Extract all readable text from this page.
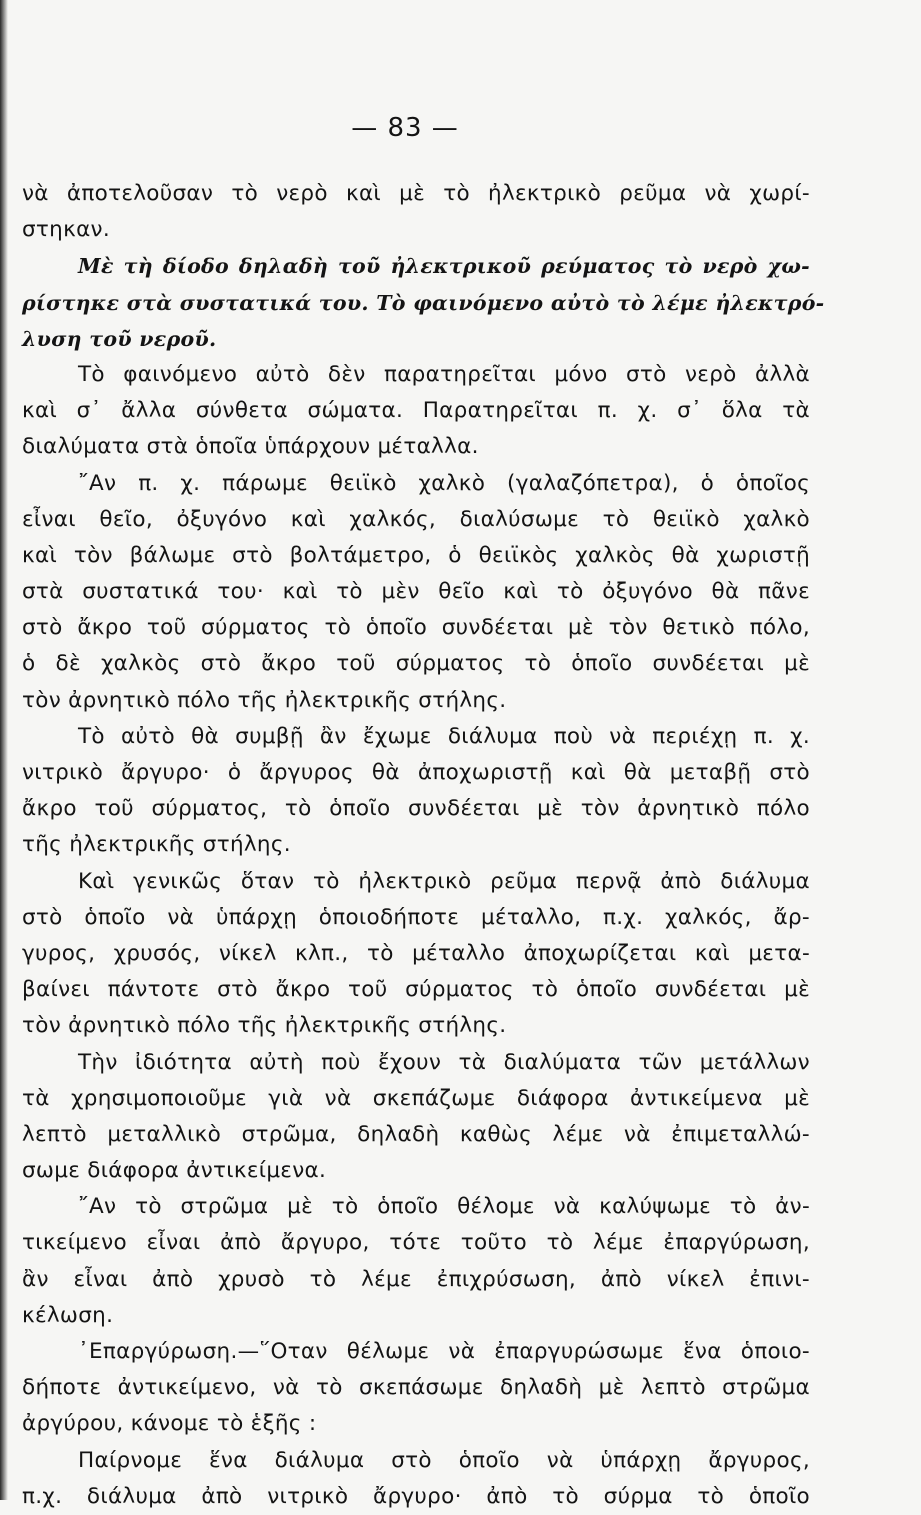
— 83 —
νὰ ἀποτελοῦσαν τὸ νερὸ καὶ μὲ τὸ ἠλεκτρικὸ ρεῦμα νὰ χωρί-
στηκαν.
Μὲ τὴ δίοδο δηλαδὴ τοῦ ἠλεκτρικοῦ ρεύματος τὸ νερὸ χω-
ρίστηκε στὰ συστατικά του. Τὸ φαινόμενο αὐτὸ τὸ λέμε ἠλεκτρό-
λυση τοῦ νεροῦ.
Τὸ φαινόμενο αὐτὸ δὲν παρατηρεῖται μόνο στὸ νερὸ ἀλλὰ
καὶ σ᾽ ἄλλα σύνθετα σώματα. Παρατηρεῖται π. χ. σ᾽ ὅλα τὰ
διαλύματα στὰ ὁποῖα ὑπάρχουν μέταλλα.
῎Αν π. χ. πάρωμε θειϊκὸ χαλκὸ (γαλαζόπετρα), ὁ ὁποῖος
εἶναι θεῖο, ὀξυγόνο καὶ χαλκός, διαλύσωμε τὸ θειϊκὸ χαλκὸ
καὶ τὸν βάλωμε στὸ βολτάμετρο, ὁ θειϊκὸς χαλκὸς θὰ χωριστῇ
στὰ συστατικά του· καὶ τὸ μὲν θεῖο καὶ τὸ ὀξυγόνο θὰ πᾶνε
στὸ ἄκρο τοῦ σύρματος τὸ ὁποῖο συνδέεται μὲ τὸν θετικὸ πόλο,
ὁ δὲ χαλκὸς στὸ ἄκρο τοῦ σύρματος τὸ ὁποῖο συνδέεται μὲ
τὸν ἀρνητικὸ πόλο τῆς ἠλεκτρικῆς στήλης.
Τὸ αὐτὸ θὰ συμβῇ ἂν ἔχωμε διάλυμα ποὺ νὰ περιέχῃ π. χ.
νιτρικὸ ἄργυρο· ὁ ἄργυρος θὰ ἀποχωριστῇ καὶ θὰ μεταβῇ στὸ
ἄκρο τοῦ σύρματος, τὸ ὁποῖο συνδέεται μὲ τὸν ἀρνητικὸ πόλο
τῆς ἠλεκτρικῆς στήλης.
Καὶ γενικῶς ὅταν τὸ ἠλεκτρικὸ ρεῦμα περνᾷ ἀπὸ διάλυμα
στὸ ὁποῖο νὰ ὑπάρχῃ ὁποιοδήποτε μέταλλο, π.χ. χαλκός, ἄρ-
γυρος, χρυσός, νίκελ κλπ., τὸ μέταλλο ἀποχωρίζεται καὶ μετα-
βαίνει πάντοτε στὸ ἄκρο τοῦ σύρματος τὸ ὁποῖο συνδέεται μὲ
τὸν ἀρνητικὸ πόλο τῆς ἠλεκτρικῆς στήλης.
Τὴν ἰδιότητα αὐτὴ ποὺ ἔχουν τὰ διαλύματα τῶν μετάλλων
τὰ χρησιμοποιοῦμε γιὰ νὰ σκεπάζωμε διάφορα ἀντικείμενα μὲ
λεπτὸ μεταλλικὸ στρῶμα, δηλαδὴ καθὼς λέμε νὰ ἐπιμεταλλώ-
σωμε διάφορα ἀντικείμενα.
῎Αν τὸ στρῶμα μὲ τὸ ὁποῖο θέλομε νὰ καλύψωμε τὸ ἀν-
τικείμενο εἶναι ἀπὸ ἄργυρο, τότε τοῦτο τὸ λέμε ἐπαργύρωση,
ἂν εἶναι ἀπὸ χρυσὸ τὸ λέμε ἐπιχρύσωση, ἀπὸ νίκελ ἐπινι-
κέλωση.
᾽Επαργύρωση.—῞Οταν θέλωμε νὰ ἐπαργυρώσωμε ἕνα ὁποιο-
δήποτε ἀντικείμενο, νὰ τὸ σκεπάσωμε δηλαδὴ μὲ λεπτὸ στρῶμα
ἀργύρου, κάνομε τὸ ἑξῆς :
Παίρνομε ἕνα διάλυμα στὸ ὁποῖο νὰ ὑπάρχῃ ἄργυρος,
π.χ. διάλυμα ἀπὸ νιτρικὸ ἄργυρο· ἀπὸ τὸ σύρμα τὸ ὁποῖο
